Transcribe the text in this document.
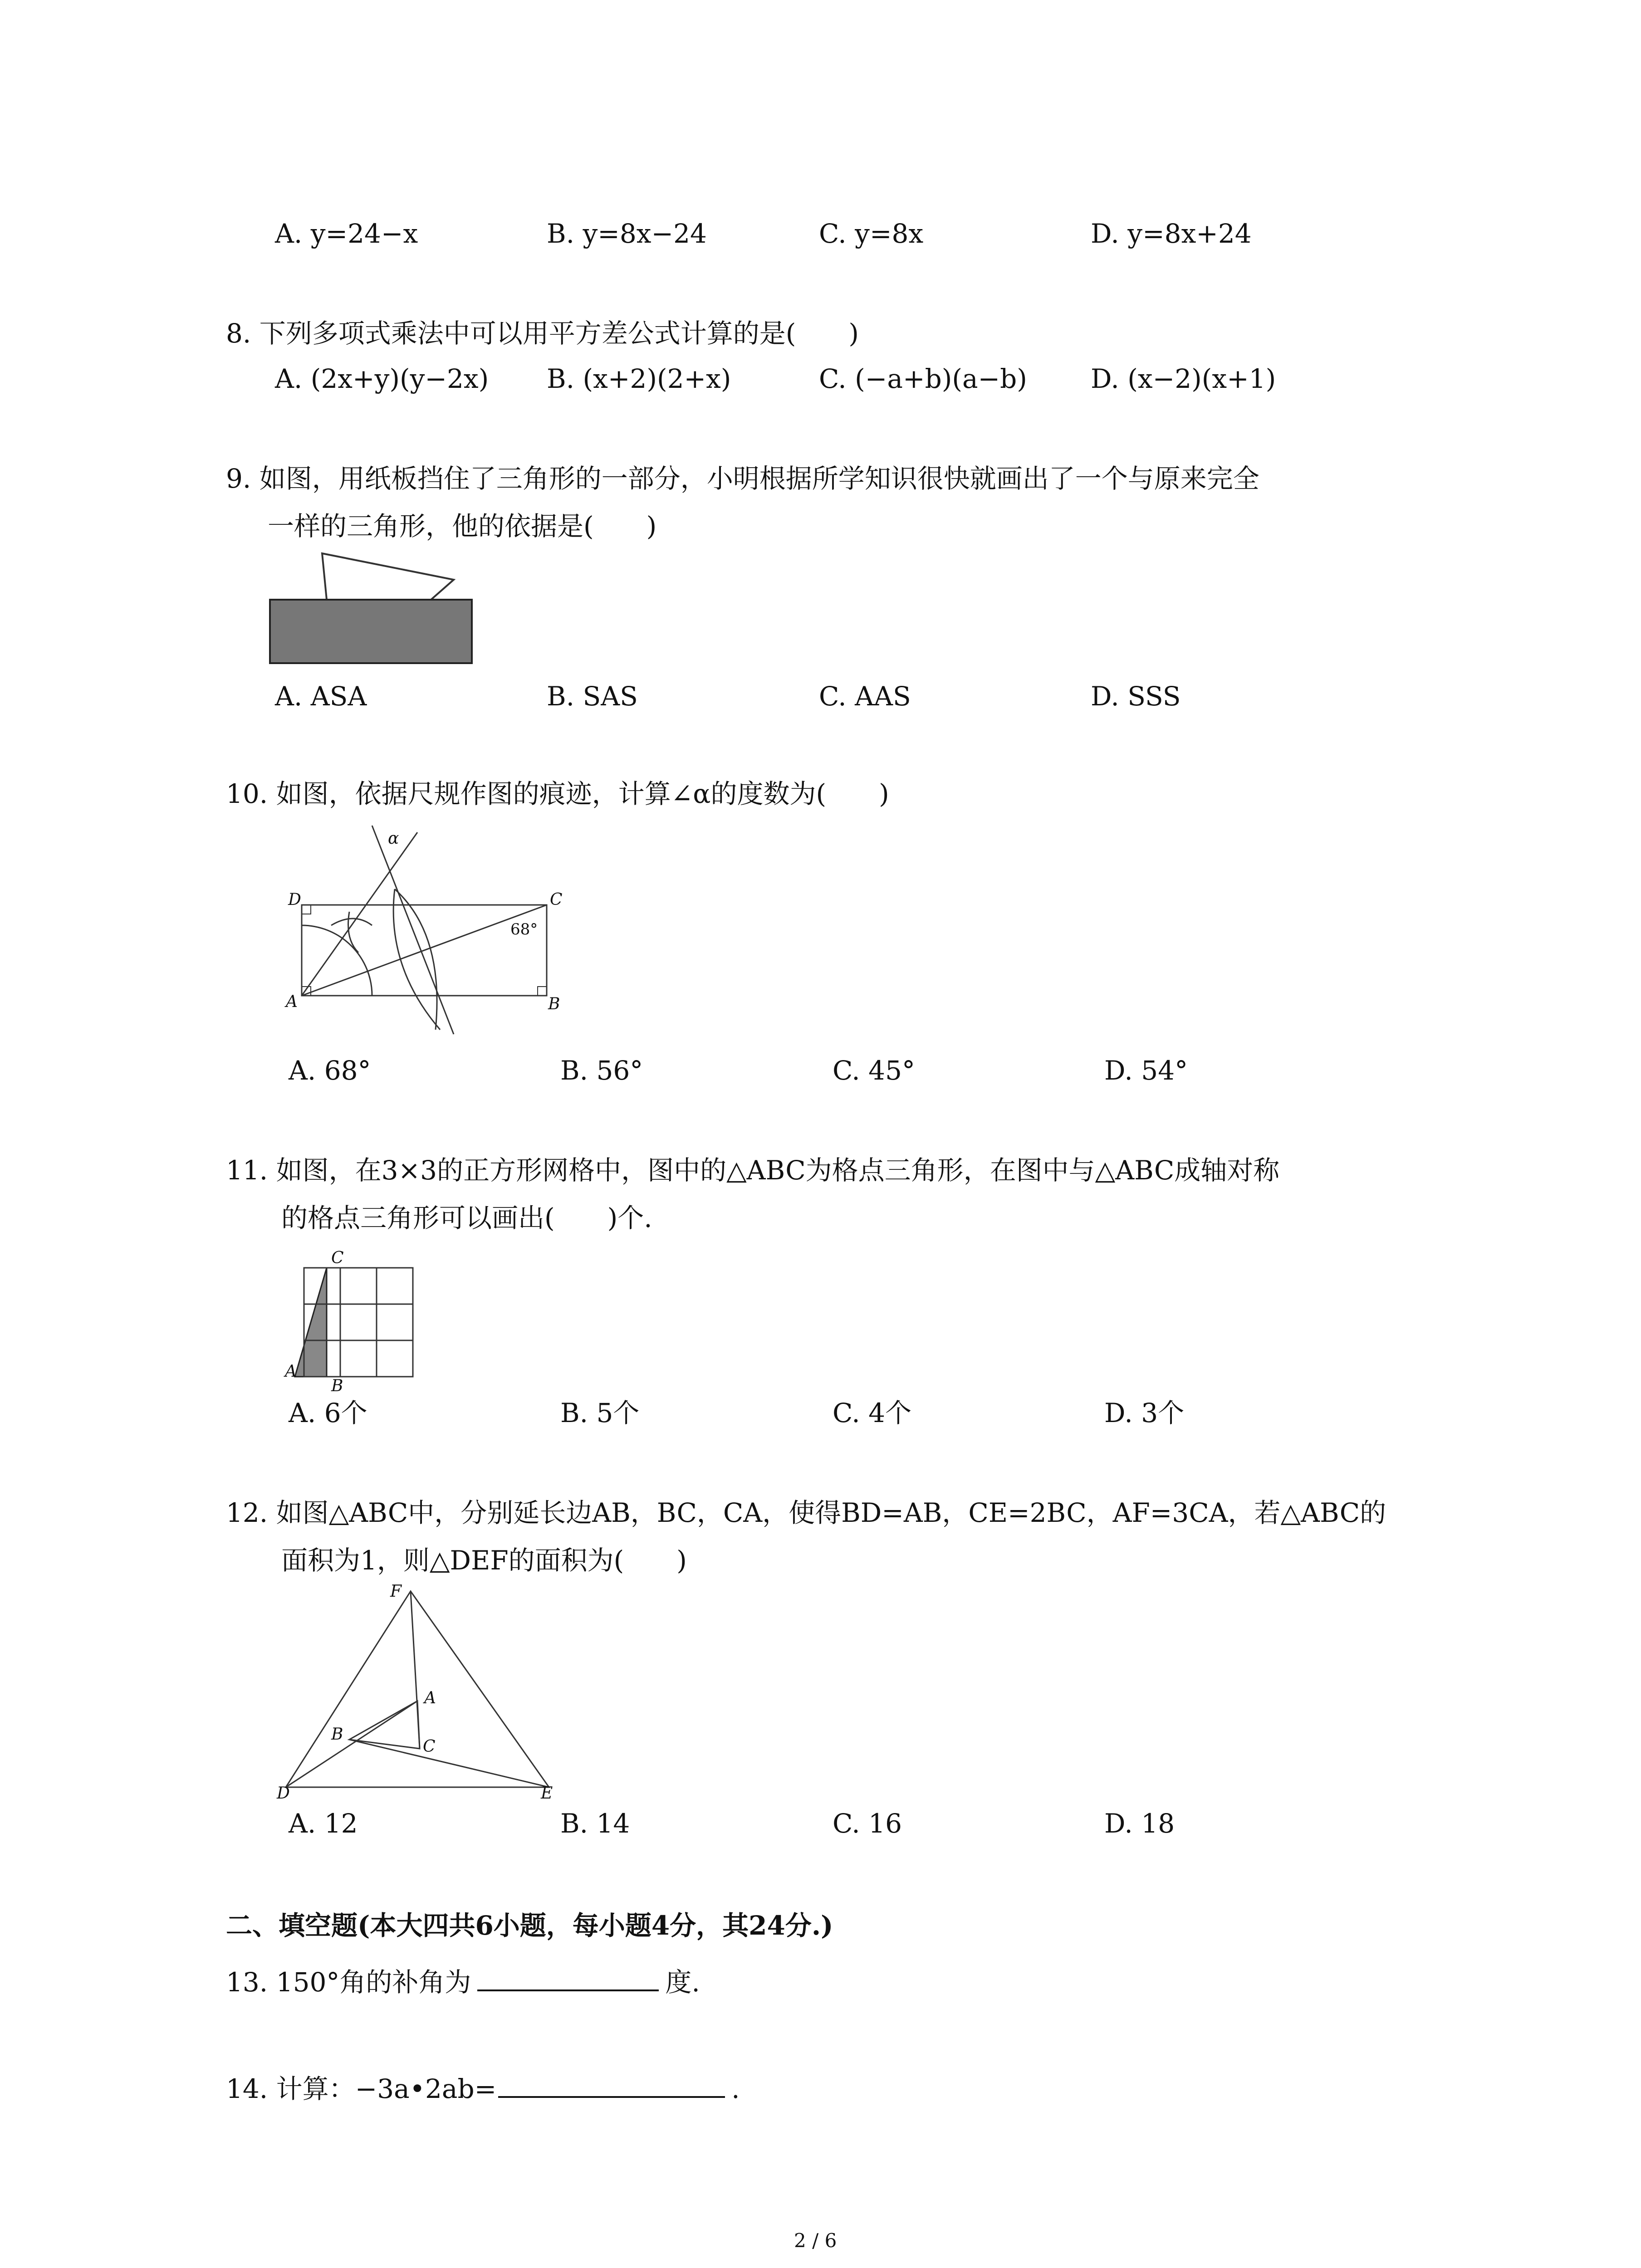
A. y=24−x	B. y=8x−24	C. y=8x	D. y=8x+24
8. 下列多项式乘法中可以用平方差公式计算的是(　　)
A. (2x+y)(y−2x) B. (x+2)(2+x)	C. (−a+b)(a−b) D. (x−2)(x+1)
9. 如图，用纸板挡住了三角形的一部分，小明根据所学知识很快就画出了一个与原来完全
一样的三角形，他的依据是(　　)
A. ASA	B. SAS	C. AAS	D. SSS
10. 如图，依据尺规作图的痕迹，计算∠α的度数为(　　)
α
D	C
A	B
68°
A. 68°	B. 56°	C. 45°	D. 54°
11. 如图，在3×3的正方形网格中，图中的△ABC为格点三角形，在图中与△ABC成轴对称
的格点三角形可以画出(　　)个.
C
A
B
A. 6个	B. 5个	C. 4个	D. 3个
12. 如图△ABC中，分别延长边AB，BC，CA，使得BD=AB，CE=2BC，AF=3CA，若△ABC的
面积为1，则△DEF的面积为(　　)
F
A
B
C
D	E
A. 12	B. 14	C. 16	D. 18
二、填空题(本大四共6小题，每小题4分，其24分.)
13. 150°角的补角为	度.
14. 计算：−3a•2ab=	.
2 / 6
